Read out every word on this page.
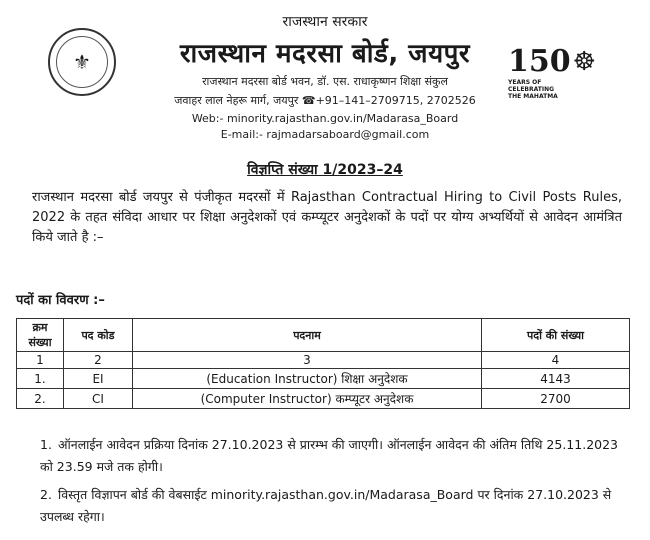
राजस्थान सरकार
⚜	राजस्थान मदरसा बोर्ड, जयपुर
राजस्थान मदरसा बोर्ड भवन, डॉ. एस. राधाकृष्णन शिक्षा संकुल
जवाहर लाल नेहरू मार्ग, जयपुर ☎+91–141–2709715, 2702526
Web:- minority.rajasthan.gov.in/Madarasa_Board
E-mail:- rajmadarsaboard@gmail.com
150 ☸
YEARS OF
CELEBRATING
THE MAHATMA
विज्ञप्ति संख्या 1/2023–24
राजस्थान मदरसा बोर्ड जयपुर से पंजीकृत मदरसों में Rajasthan Contractual Hiring to Civil Posts Rules, 2022 के तहत संविदा आधार पर शिक्षा अनुदेशकों एवं कम्प्यूटर अनुदेशकों के पदों पर योग्य अभ्यर्थियों से आवेदन आमंत्रित किये जाते है :–
पदों का विवरण :–
क्रम संख्या	पद कोड	पदनाम	पदों की संख्या
1	2	3	4
1.	EI	(Education Instructor) शिक्षा अनुदेशक	4143
2.	CI	(Computer Instructor) कम्प्यूटर अनुदेशक	2700
1. ऑनलाईन आवेदन प्रक्रिया दिनांक 27.10.2023 से प्रारम्भ की जाएगी। ऑनलाईन आवेदन की अंतिम तिथि 25.11.2023 को 23.59 मजे तक होगी।
2. विस्तृत विज्ञापन बोर्ड की वेबसाईट minority.rajasthan.gov.in/Madarasa_Board पर दिनांक 27.10.2023 से उपलब्ध रहेगा।
